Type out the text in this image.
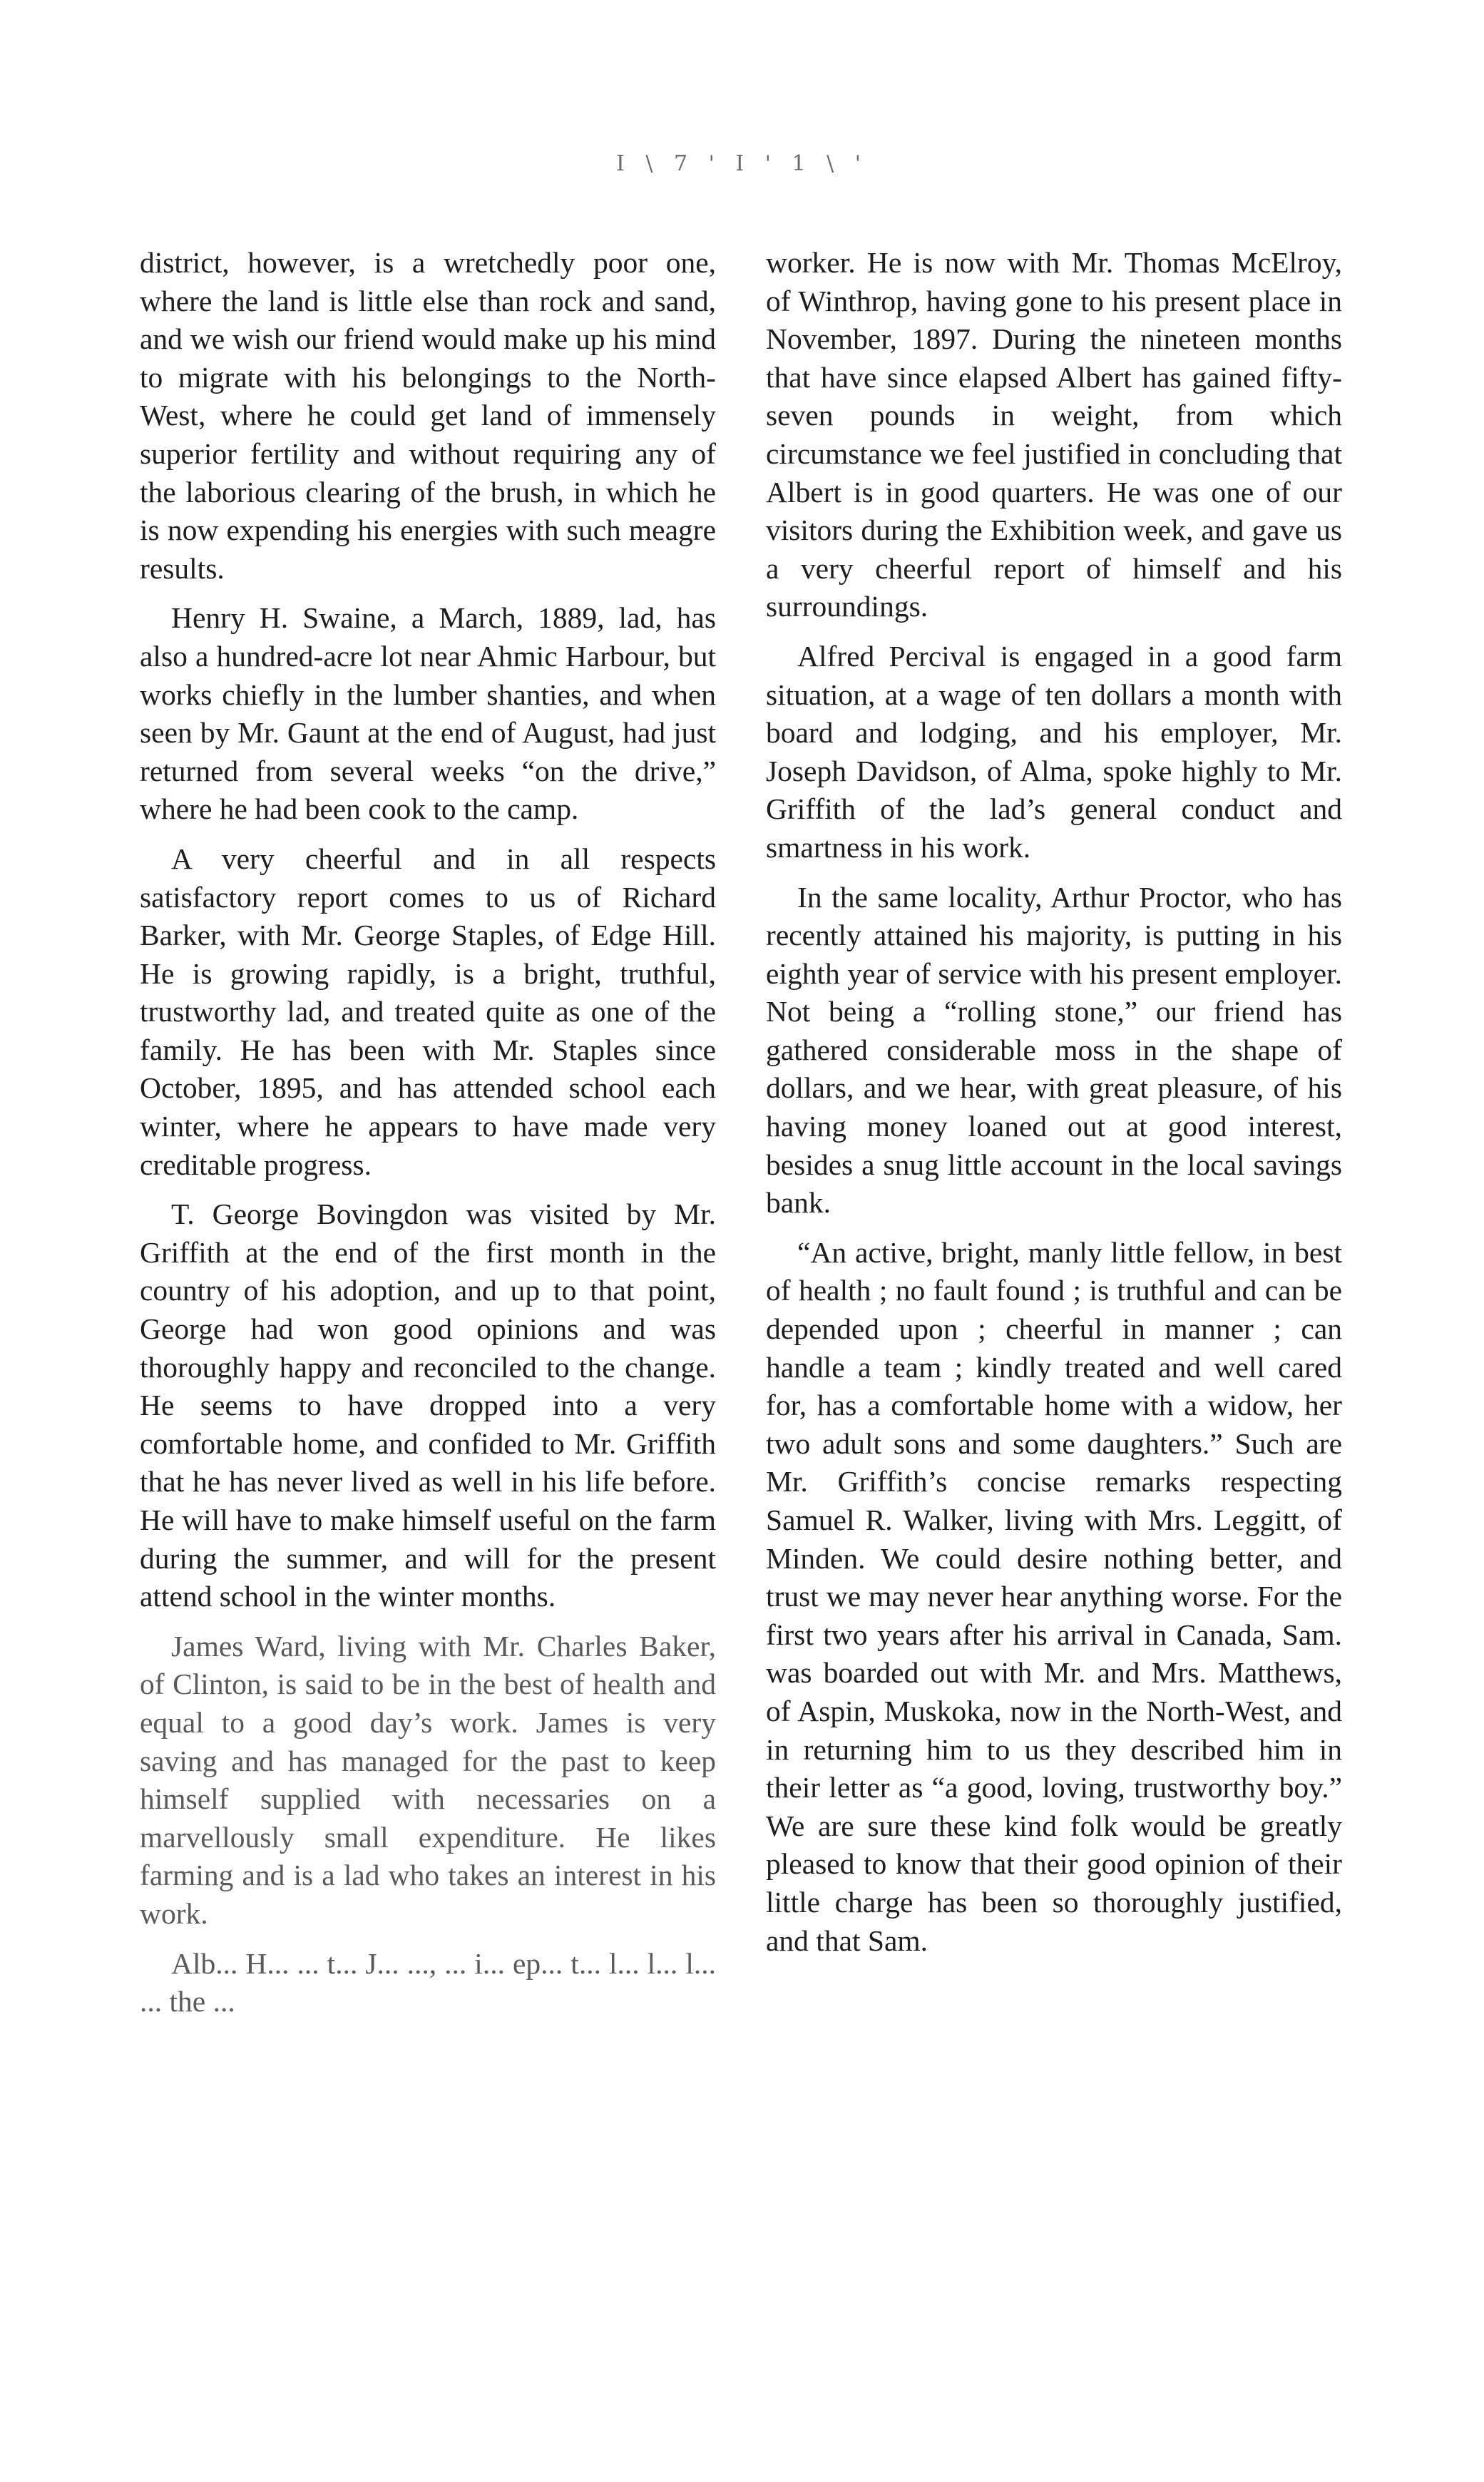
I \ 7 ' I ' 1 \ '

district, however, is a wretchedly poor one, where the land is little else than rock and sand, and we wish our friend would make up his mind to migrate with his belongings to the North-West, where he could get land of immensely superior fertility and without requiring any of the laborious clearing of the brush, in which he is now expending his energies with such meagre results.

Henry H. Swaine, a March, 1889, lad, has also a hundred-acre lot near Ahmic Harbour, but works chiefly in the lumber shanties, and when seen by Mr. Gaunt at the end of August, had just returned from several weeks “on the drive,” where he had been cook to the camp.

A very cheerful and in all respects satisfactory report comes to us of Richard Barker, with Mr. George Staples, of Edge Hill. He is growing rapidly, is a bright, truthful, trustworthy lad, and treated quite as one of the family. He has been with Mr. Staples since October, 1895, and has attended school each winter, where he appears to have made very creditable progress.

T. George Bovingdon was visited by Mr. Griffith at the end of the first month in the country of his adoption, and up to that point, George had won good opinions and was thoroughly happy and reconciled to the change. He seems to have dropped into a very comfortable home, and confided to Mr. Griffith that he has never lived as well in his life before. He will have to make himself useful on the farm during the summer, and will for the present attend school in the winter months.

James Ward, living with Mr. Charles Baker, of Clinton, is said to be in the best of health and equal to a good day’s work. James is very saving and has managed for the past to keep himself supplied with necessaries on a marvellously small expenditure. He likes farming and is a lad who takes an interest in his work.

Alb... H... ... t... J... ..., ... i... ep... t... l... l... l... ... the ...

worker. He is now with Mr. Thomas McElroy, of Winthrop, having gone to his present place in November, 1897. During the nineteen months that have since elapsed Albert has gained fifty-seven pounds in weight, from which circumstance we feel justified in concluding that Albert is in good quarters. He was one of our visitors during the Exhibition week, and gave us a very cheerful report of himself and his surroundings.

Alfred Percival is engaged in a good farm situation, at a wage of ten dollars a month with board and lodging, and his employer, Mr. Joseph Davidson, of Alma, spoke highly to Mr. Griffith of the lad’s general conduct and smartness in his work.

In the same locality, Arthur Proctor, who has recently attained his majority, is putting in his eighth year of service with his present employer. Not being a “rolling stone,” our friend has gathered considerable moss in the shape of dollars, and we hear, with great pleasure, of his having money loaned out at good interest, besides a snug little account in the local savings bank.

“An active, bright, manly little fellow, in best of health ; no fault found ; is truthful and can be depended upon ; cheerful in manner ; can handle a team ; kindly treated and well cared for, has a comfortable home with a widow, her two adult sons and some daughters.” Such are Mr. Griffith’s concise remarks respecting Samuel R. Walker, living with Mrs. Leggitt, of Minden. We could desire nothing better, and trust we may never hear anything worse. For the first two years after his arrival in Canada, Sam. was boarded out with Mr. and Mrs. Matthews, of Aspin, Muskoka, now in the North-West, and in returning him to us they described him in their letter as “a good, loving, trustworthy boy.” We are sure these kind folk would be greatly pleased to know that their good opinion of their little charge has been so thoroughly justified, and that Sam.
